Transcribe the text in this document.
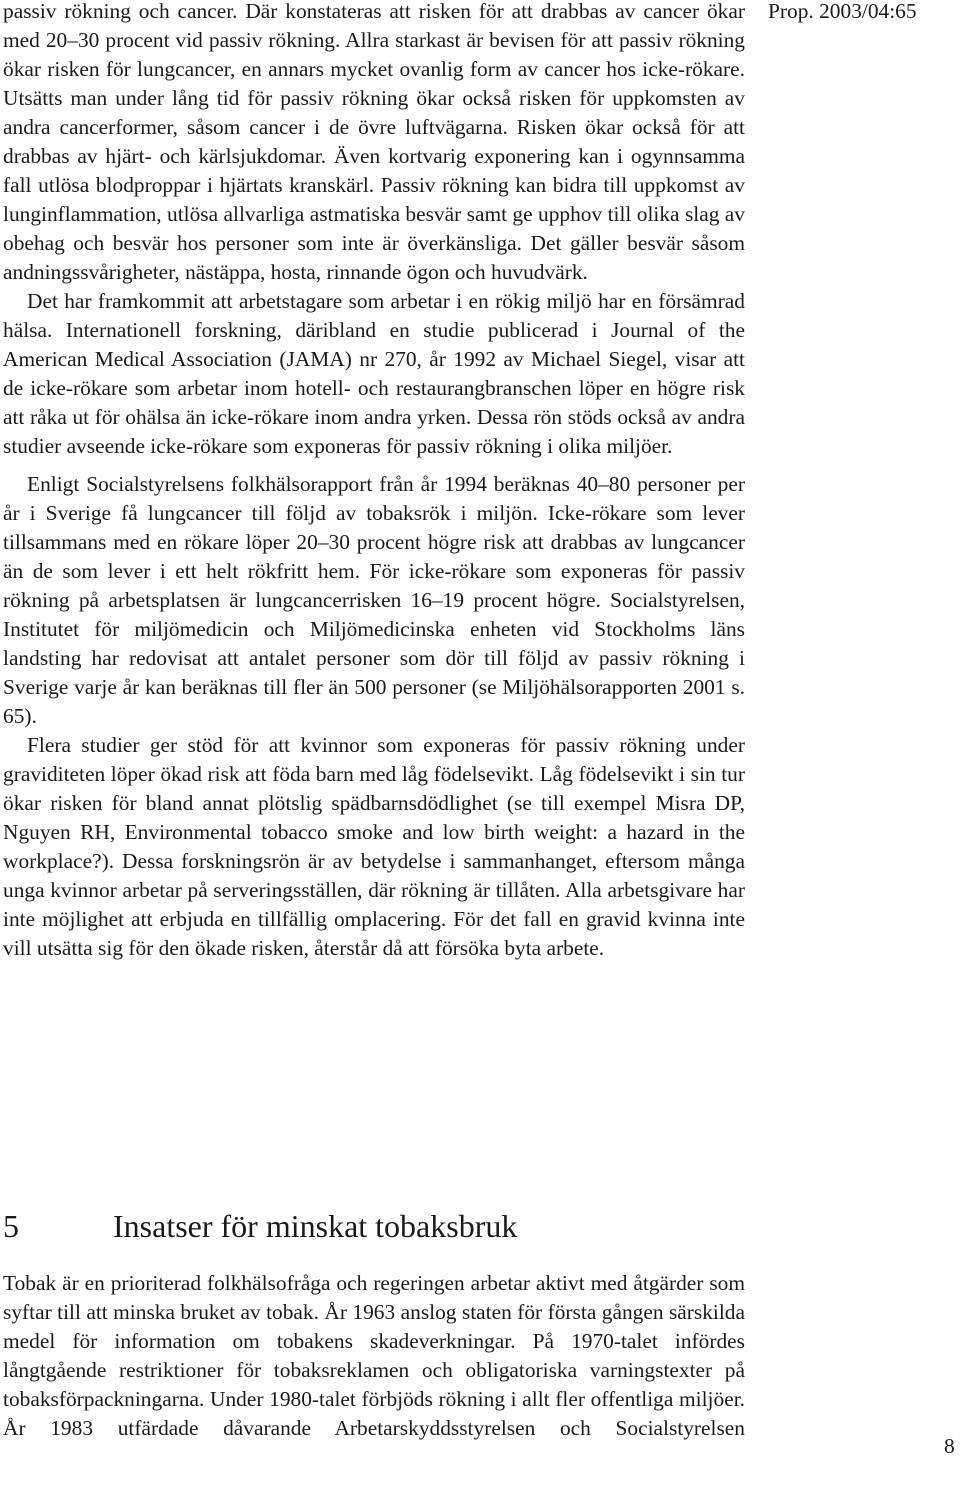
Prop. 2003/04:65

passiv rökning och cancer. Där konstateras att risken för att drabbas av cancer ökar med 20–30 procent vid passiv rökning. Allra starkast är bevisen för att passiv rökning ökar risken för lungcancer, en annars mycket ovanlig form av cancer hos icke-rökare. Utsätts man under lång tid för passiv rökning ökar också risken för uppkomsten av andra cancerformer, såsom cancer i de övre luftvägarna. Risken ökar också för att drabbas av hjärt- och kärlsjukdomar. Även kortvarig exponering kan i ogynnsamma fall utlösa blodproppar i hjärtats kranskärl. Passiv rökning kan bidra till uppkomst av lunginflammation, utlösa allvarliga astmatiska besvär samt ge upphov till olika slag av obehag och besvär hos personer som inte är överkänsliga. Det gäller besvär såsom andningssvårigheter, nästäppa, hosta, rinnande ögon och huvudvärk.

Det har framkommit att arbetstagare som arbetar i en rökig miljö har en försämrad hälsa. Internationell forskning, däribland en studie publicerad i Journal of the American Medical Association (JAMA) nr 270, år 1992 av Michael Siegel, visar att de icke-rökare som arbetar inom hotell- och restaurangbranschen löper en högre risk att råka ut för ohälsa än icke-rökare inom andra yrken. Dessa rön stöds också av andra studier avseende icke-rökare som exponeras för passiv rökning i olika miljöer.

Enligt Socialstyrelsens folkhälsorapport från år 1994 beräknas 40–80 personer per år i Sverige få lungcancer till följd av tobaksrök i miljön. Icke-rökare som lever tillsammans med en rökare löper 20–30 procent högre risk att drabbas av lungcancer än de som lever i ett helt rökfritt hem. För icke-rökare som exponeras för passiv rökning på arbetsplatsen är lungcancerrisken 16–19 procent högre. Socialstyrelsen, Institutet för miljömedicin och Miljömedicinska enheten vid Stockholms läns landsting har redovisat att antalet personer som dör till följd av passiv rökning i Sverige varje år kan beräknas till fler än 500 personer (se Miljöhälsorapporten 2001 s. 65).

Flera studier ger stöd för att kvinnor som exponeras för passiv rökning under graviditeten löper ökad risk att föda barn med låg födelsevikt. Låg födelsevikt i sin tur ökar risken för bland annat plötslig spädbarnsdödlighet (se till exempel Misra DP, Nguyen RH, Environmental tobacco smoke and low birth weight: a hazard in the workplace?). Dessa forskningsrön är av betydelse i sammanhanget, eftersom många unga kvinnor arbetar på serveringsställen, där rökning är tillåten. Alla arbetsgivare har inte möjlighet att erbjuda en tillfällig omplacering. För det fall en gravid kvinna inte vill utsätta sig för den ökade risken, återstår då att försöka byta arbete.

5	Insatser för minskat tobaksbruk

Tobak är en prioriterad folkhälsofråga och regeringen arbetar aktivt med åtgärder som syftar till att minska bruket av tobak. År 1963 anslog staten för första gången särskilda medel för information om tobakens skadeverkningar. På 1970-talet infördes långtgående restriktioner för tobaksreklamen och obligatoriska varningstexter på tobaksförpackningarna. Under 1980-talet förbjöds rökning i allt fler offentliga miljöer. År 1983 utfärdade dåvarande Arbetarskyddsstyrelsen och Socialstyrelsen

8
